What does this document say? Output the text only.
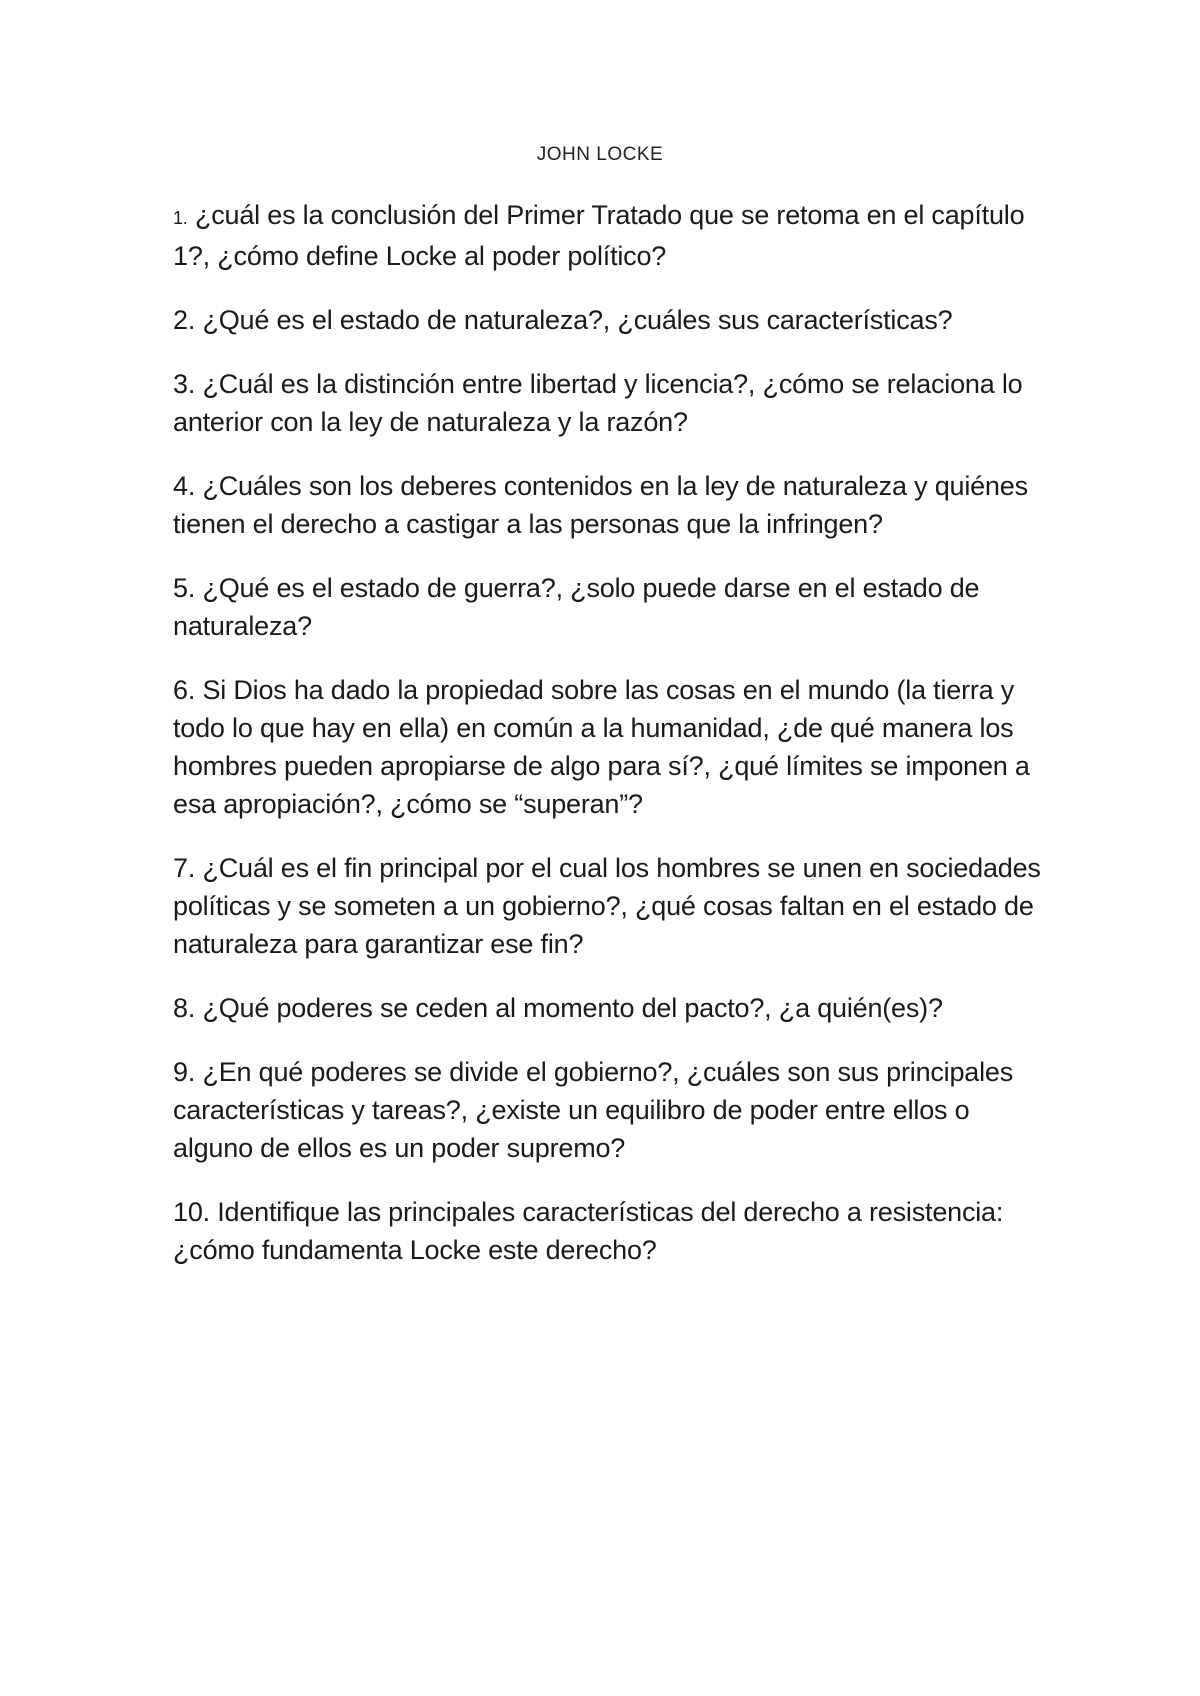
JOHN LOCKE
1. ¿cuál es la conclusión del Primer Tratado que se retoma en el capítulo 1?, ¿cómo define Locke al poder político?
2. ¿Qué es el estado de naturaleza?, ¿cuáles sus características?
3. ¿Cuál es la distinción entre libertad y licencia?, ¿cómo se relaciona lo anterior con la ley de naturaleza y la razón?
4. ¿Cuáles son los deberes contenidos en la ley de naturaleza y quiénes tienen el derecho a castigar a las personas que la infringen?
5. ¿Qué es el estado de guerra?, ¿solo puede darse en el estado de naturaleza?
6. Si Dios ha dado la propiedad sobre las cosas en el mundo (la tierra y todo lo que hay en ella) en común a la humanidad, ¿de qué manera los hombres pueden apropiarse de algo para sí?, ¿qué límites se imponen a esa apropiación?, ¿cómo se “superan”?
7. ¿Cuál es el fin principal por el cual los hombres se unen en sociedades políticas y se someten a un gobierno?, ¿qué cosas faltan en el estado de naturaleza para garantizar ese fin?
8. ¿Qué poderes se ceden al momento del pacto?, ¿a quién(es)?
9. ¿En qué poderes se divide el gobierno?, ¿cuáles son sus principales características y tareas?, ¿existe un equilibro de poder entre ellos o alguno de ellos es un poder supremo?
10. Identifique las principales características del derecho a resistencia: ¿cómo fundamenta Locke este derecho?
